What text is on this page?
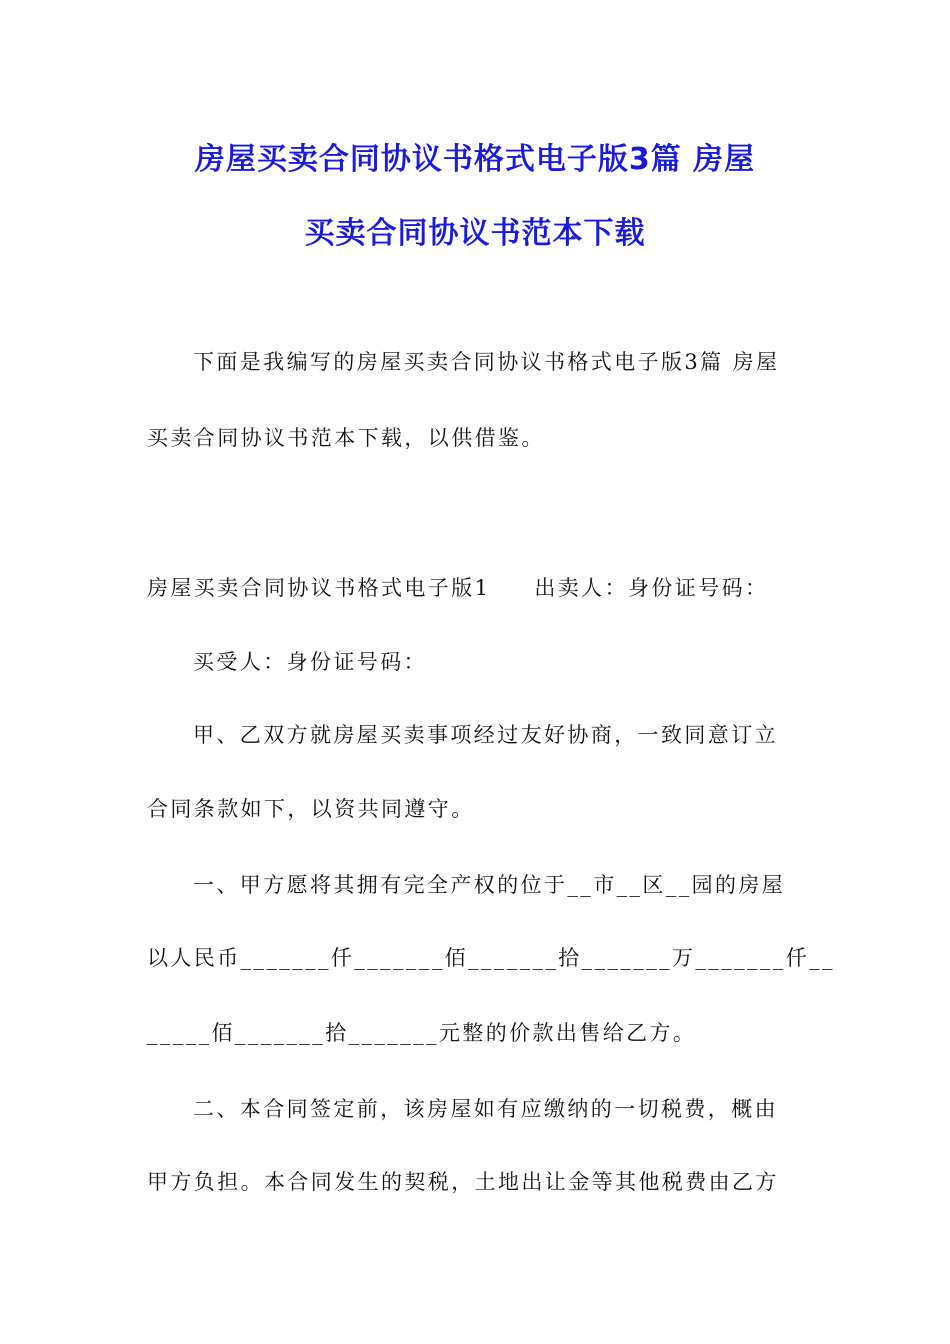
房屋买卖合同协议书格式电子版3篇 房屋
买卖合同协议书范本下载
下面是我编写的房屋买卖合同协议书格式电子版3篇 房屋
买卖合同协议书范本下载，以供借鉴。
房屋买卖合同协议书格式电子版1 出卖人：身份证号码：
买受人：身份证号码：
甲、乙双方就房屋买卖事项经过友好协商，一致同意订立
合同条款如下，以资共同遵守。
一、甲方愿将其拥有完全产权的位于__市__区__园的房屋
以人民币_______仟_______佰_______拾_______万_______仟__
_____佰_______拾_______元整的价款出售给乙方。
二、本合同签定前，该房屋如有应缴纳的一切税费，概由
甲方负担。本合同发生的契税，土地出让金等其他税费由乙方
